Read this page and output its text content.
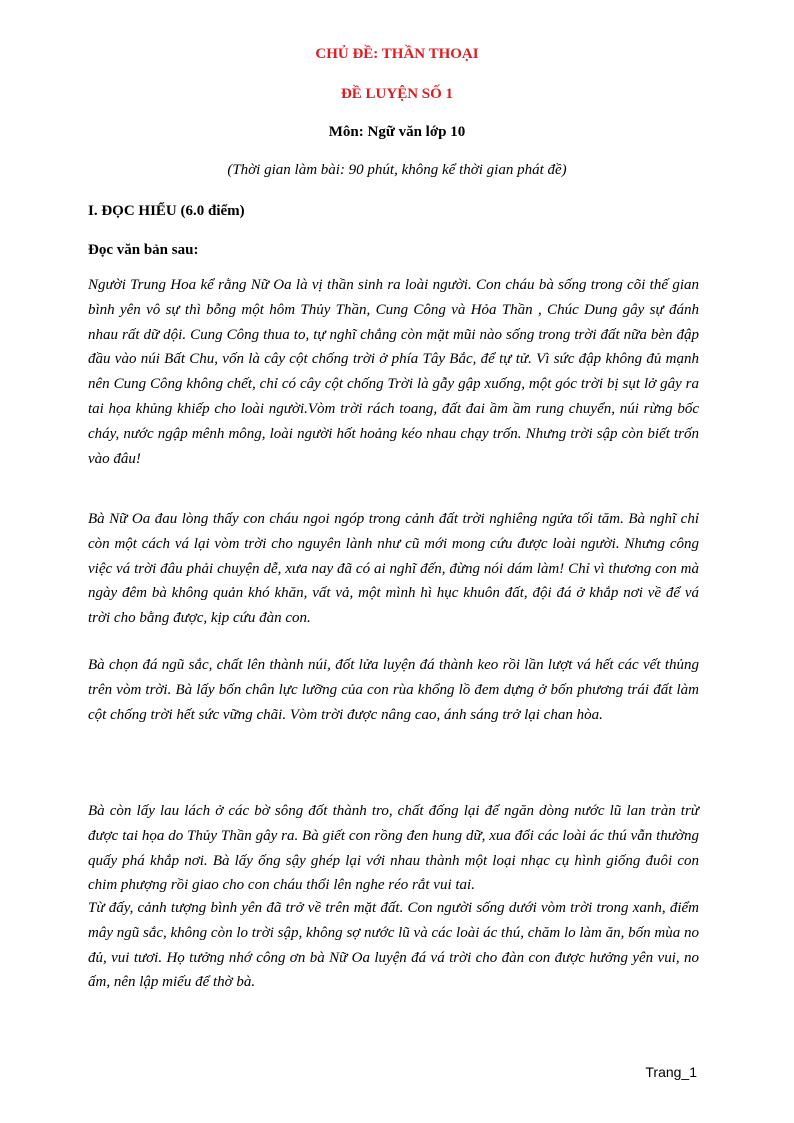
CHỦ ĐỀ: THẦN THOẠI
ĐỀ LUYỆN SỐ 1
Môn: Ngữ văn lớp 10
(Thời gian làm bài: 90 phút, không kể thời gian phát đề)
I. ĐỌC HIỂU (6.0 điểm)
Đọc văn bản sau:

Người Trung Hoa kể rằng Nữ Oa là vị thần sinh ra loài người. Con cháu bà sống trong cõi thế gian bình yên vô sự thì bỗng một hôm Thủy Thần, Cung Công và Hỏa Thần , Chúc Dung gây sự đánh nhau rất dữ dội. Cung Công thua to, tự nghĩ chẳng còn mặt mũi nào sống trong trời đất nữa bèn đập đầu vào núi Bất Chu, vốn là cây cột chống trời ở phía Tây Bắc, để tự tử. Vì sức đập không đủ mạnh nên Cung Công không chết, chỉ có cây cột chống Trời là gẫy gập xuống, một góc trời bị sụt lở gây ra tai họa khủng khiếp cho loài người.Vòm trời rách toang, đất đai ầm ầm rung chuyển, núi rừng bốc cháy, nước ngập mênh mông, loài người hốt hoảng kéo nhau chạy trốn. Nhưng trời sập còn biết trốn vào đâu!

Bà Nữ Oa đau lòng thấy con cháu ngoi ngóp trong cảnh đất trời nghiêng ngửa tối tăm. Bà nghĩ chỉ còn một cách vá lại vòm trời cho nguyên lành như cũ mới mong cứu được loài người. Nhưng công việc vá trời đâu phải chuyện dễ, xưa nay đã có ai nghĩ đến, đừng nói dám làm! Chỉ vì thương con mà ngày đêm bà không quản khó khăn, vất vả, một mình hì hục khuôn đất, đội đá ở khắp nơi về để vá trời cho bằng được, kịp cứu đàn con.

Bà chọn đá ngũ sắc, chất lên thành núi, đốt lửa luyện đá thành keo rồi lần lượt vá hết các vết thủng trên vòm trời. Bà lấy bốn chân lực lưỡng của con rùa khổng lồ đem dựng ở bốn phương trái đất làm cột chống trời hết sức vững chãi. Vòm trời được nâng cao, ánh sáng trở lại chan hòa.

Bà còn lấy lau lách ở các bờ sông đốt thành tro, chất đống lại để ngăn dòng nước lũ lan tràn trừ được tai họa do Thủy Thần gây ra. Bà giết con rồng đen hung dữ, xua đổi các loài ác thú vẫn thường quấy phá khắp nơi. Bà lấy ống sậy ghép lại với nhau thành một loại nhạc cụ hình giống đuôi con chim phượng rồi giao cho con cháu thổi lên nghe réo rắt vui tai.

Từ đấy, cảnh tượng bình yên đã trở về trên mặt đất. Con người sống dưới vòm trời trong xanh, điểm mây ngũ sắc, không còn lo trời sập, không sợ nước lũ và các loài ác thú, chăm lo làm ăn, bốn mùa no đủ, vui tươi. Họ tưởng nhớ công ơn bà Nữ Oa luyện đá vá trời cho đàn con được hưởng yên vui, no ấm, nên lập miếu để thờ bà.

Trang_1
